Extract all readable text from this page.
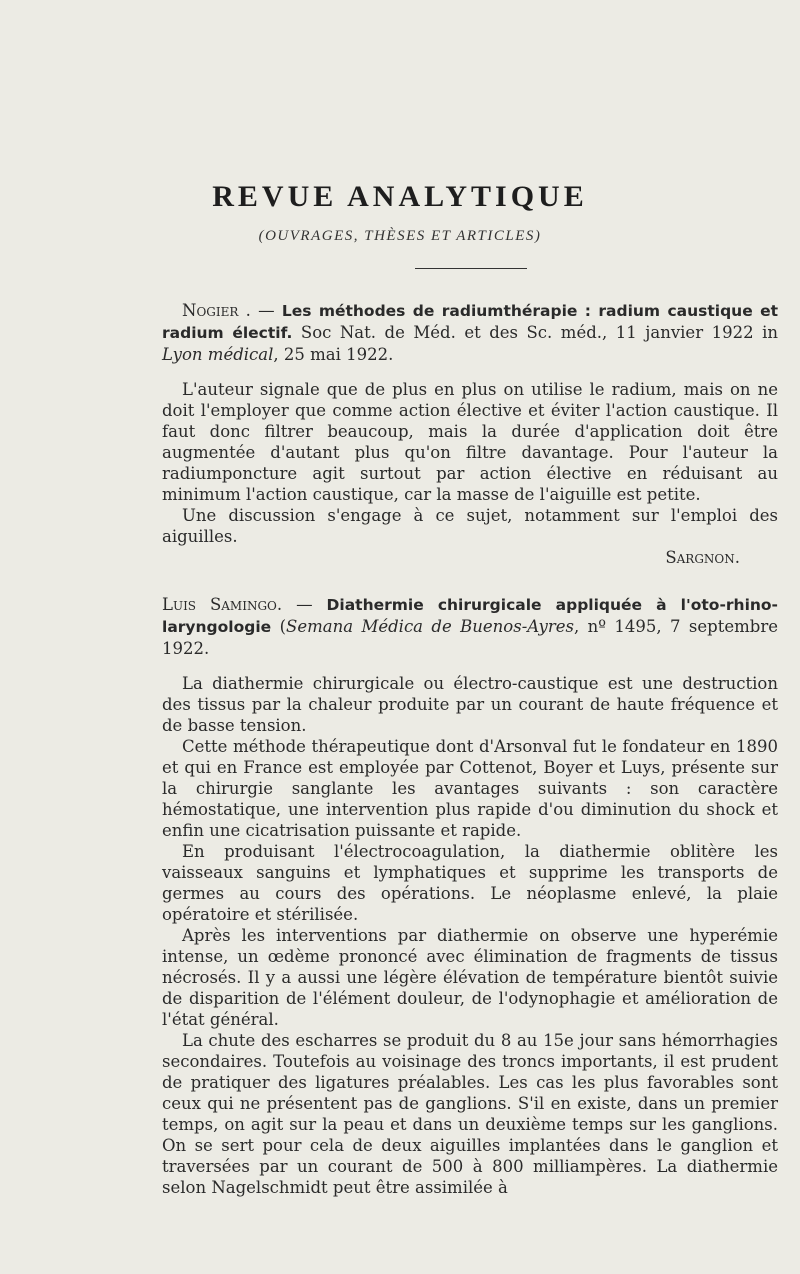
REVUE ANALYTIQUE
(OUVRAGES, THÈSES ET ARTICLES)

Nogier . — Les méthodes de radiumthérapie : radium caustique et radium électif. Soc Nat. de Méd. et des Sc. méd., 11 janvier 1922 in Lyon médical, 25 mai 1922.

L'auteur signale que de plus en plus on utilise le radium, mais on ne doit l'employer que comme action élective et éviter l'action caustique. Il faut donc filtrer beaucoup, mais la durée d'application doit être augmentée d'autant plus qu'on filtre davantage. Pour l'auteur la radiumponcture agit surtout par action élective en réduisant au minimum l'action caustique, car la masse de l'aiguille est petite.

Une discussion s'engage à ce sujet, notamment sur l'emploi des aiguilles.

Sargnon.

Luis Samingo. — Diathermie chirurgicale appliquée à l'oto-rhino-laryngologie (Semana Médica de Buenos-Ayres, nº 1495, 7 septembre 1922.

La diathermie chirurgicale ou électro-caustique est une destruction des tissus par la chaleur produite par un courant de haute fréquence et de basse tension.

Cette méthode thérapeutique dont d'Arsonval fut le fondateur en 1890 et qui en France est employée par Cottenot, Boyer et Luys, présente sur la chirurgie sanglante les avantages suivants : son caractère hémostatique, une intervention plus rapide d'ou diminution du shock et enfin une cicatrisation puissante et rapide.

En produisant l'électrocoagulation, la diathermie oblitère les vaisseaux sanguins et lymphatiques et supprime les transports de germes au cours des opérations. Le néoplasme enlevé, la plaie opératoire et stérilisée.

Après les interventions par diathermie on observe une hyperémie intense, un œdème prononcé avec élimination de fragments de tissus nécrosés. Il y a aussi une légère élévation de température bientôt suivie de disparition de l'élément douleur, de l'odynophagie et amélioration de l'état général.

La chute des escharres se produit du 8 au 15e jour sans hémorrhagies secondaires. Toutefois au voisinage des troncs importants, il est prudent de pratiquer des ligatures préalables. Les cas les plus favorables sont ceux qui ne présentent pas de ganglions. S'il en existe, dans un premier temps, on agit sur la peau et dans un deuxième temps sur les ganglions. On se sert pour cela de deux aiguilles implantées dans le ganglion et traversées par un courant de 500 à 800 milliampères. La diathermie selon Nagelschmidt peut être assimilée à
